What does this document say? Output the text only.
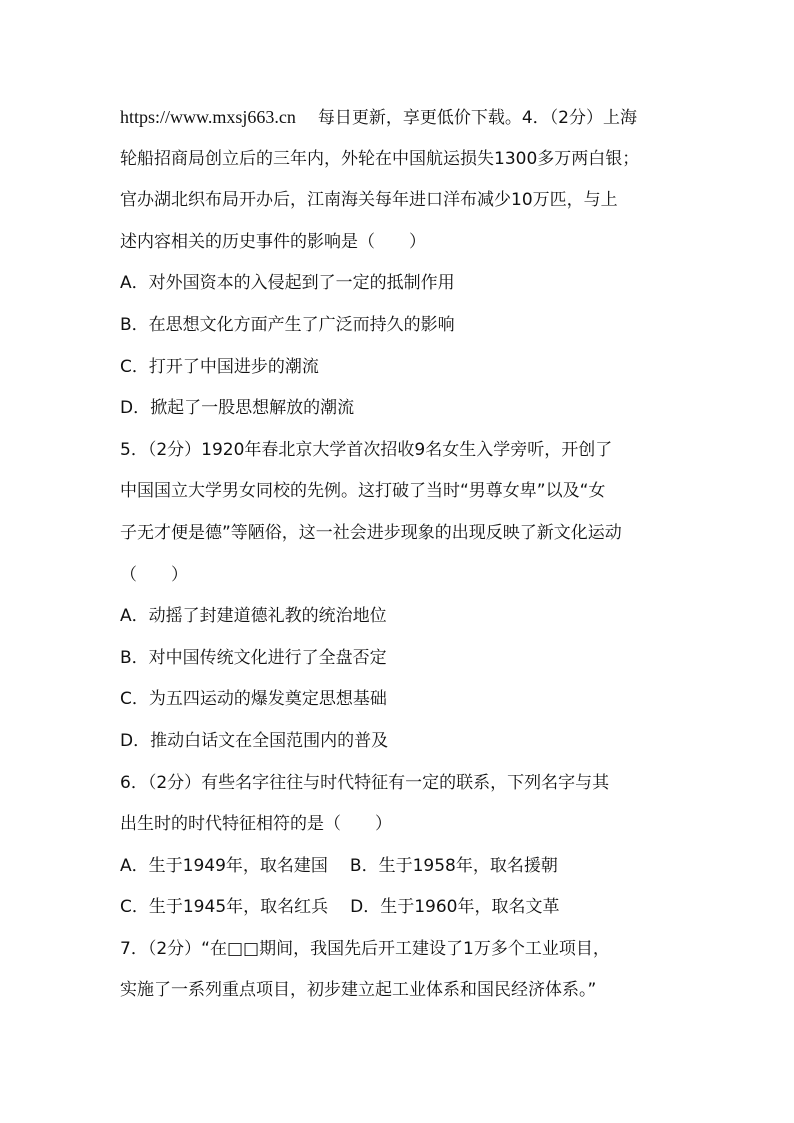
https://www.mxsj663.cn 每日更新，享更低价下载。4．（2分）上海
轮船招商局创立后的三年内，外轮在中国航运损失1300多万两白银；
官办湖北织布局开办后，江南海关每年进口洋布减少10万匹，与上
述内容相关的历史事件的影响是（　　）
A．对外国资本的入侵起到了一定的抵制作用
B．在思想文化方面产生了广泛而持久的影响
C．打开了中国进步的潮流
D．掀起了一股思想解放的潮流
5．（2分）1920年春北京大学首次招收9名女生入学旁听，开创了
中国国立大学男女同校的先例。这打破了当时“男尊女卑”以及“女
子无才便是德”等陋俗，这一社会进步现象的出现反映了新文化运动
（　　）
A．动摇了封建道德礼教的统治地位
B．对中国传统文化进行了全盘否定
C．为五四运动的爆发奠定思想基础
D．推动白话文在全国范围内的普及
6．（2分）有些名字往往与时代特征有一定的联系，下列名字与其
出生时的时代特征相符的是（　　）
A．生于1949年，取名建国 B．生于1958年，取名援朝
C．生于1945年，取名红兵 D．生于1960年，取名文革
7．（2分）“在□□期间，我国先后开工建设了1万多个工业项目，
实施了一系列重点项目，初步建立起工业体系和国民经济体系。”
